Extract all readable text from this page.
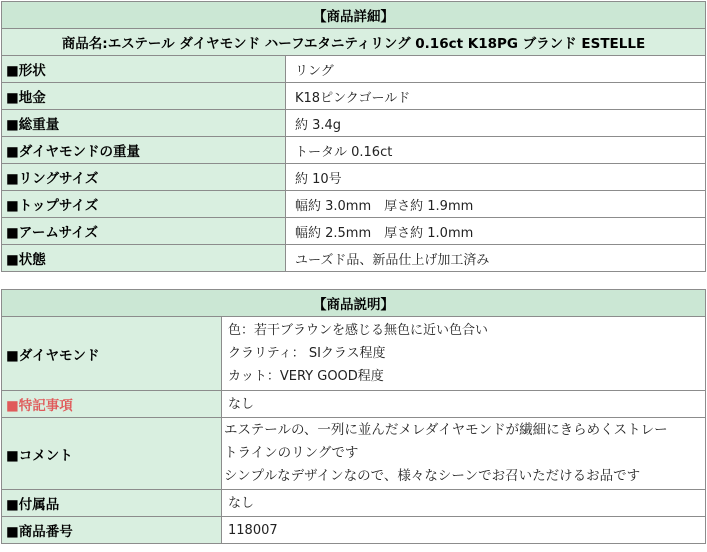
【商品詳細】	
商品名:エステール ダイヤモンド ハーフエタニティリング 0.16ct K18PG ブランド ESTELLE	
■形状	リング
■地金	K18ピンクゴールド
■総重量	約 3.4g
■ダイヤモンドの重量	トータル 0.16ct
■リングサイズ	約 10号
■トップサイズ	幅約 3.0mm　厚さ約 1.9mm
■アームサイズ	幅約 2.5mm　厚さ約 1.0mm
■状態	ユーズド品、新品仕上げ加工済み
【商品説明】	
■ダイヤモンド	色：若干ブラウンを感じる無色に近い色合い
クラリティ： SIクラス程度
カット：VERY GOOD程度

■特記事項	なし
■コメント	エステールの、一列に並んだメレダイヤモンドが繊細にきらめくストレー
トラインのリングです
シンプルなデザインなので、様々なシーンでお召いただけるお品です

■付属品	なし
■商品番号	118007
